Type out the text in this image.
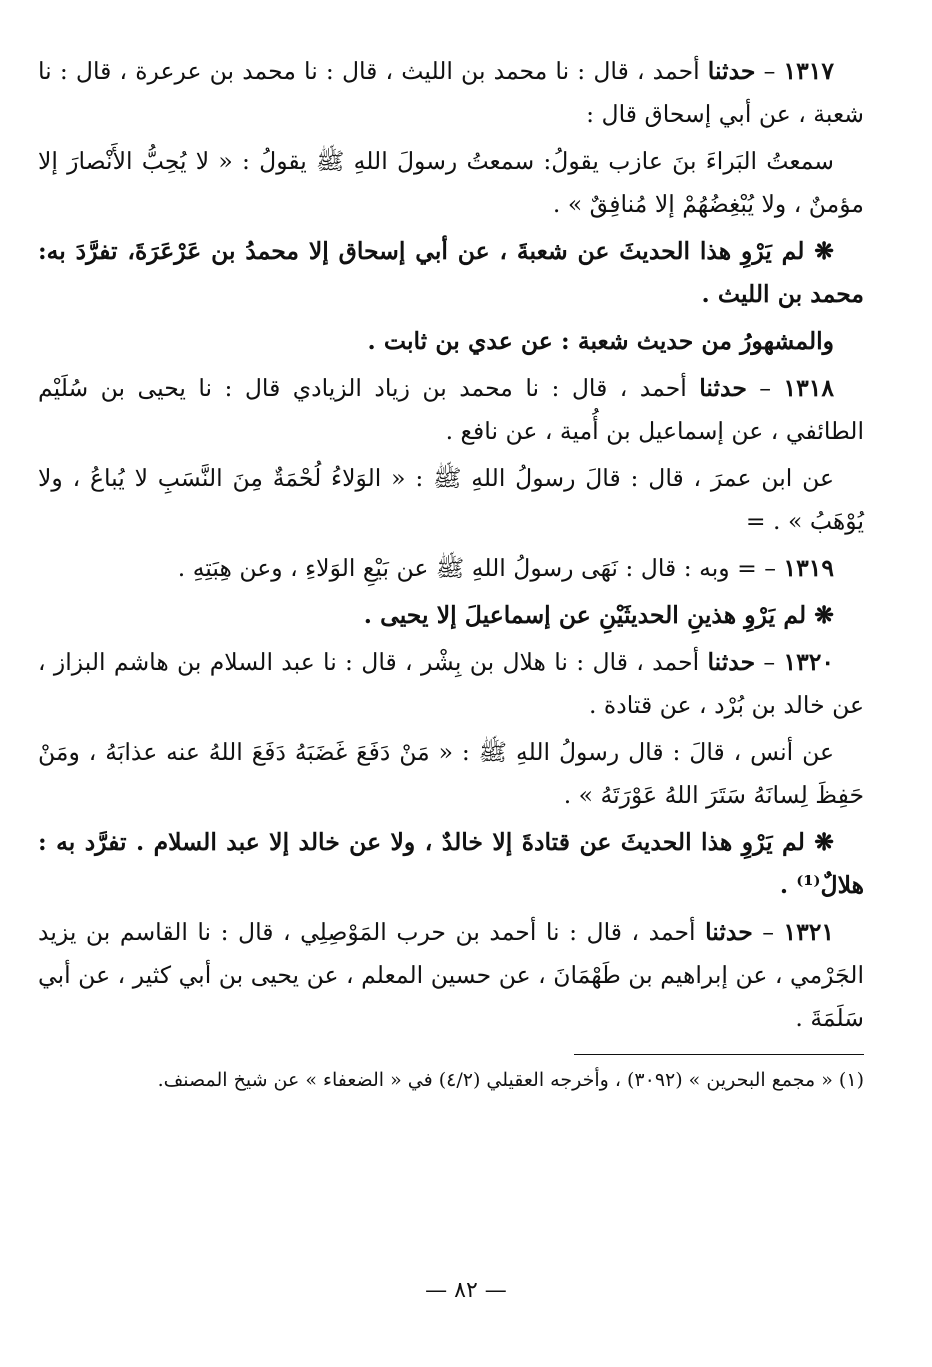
١٣١٧ – حدثنا أحمد ، قال : نا محمد بن الليث ، قال : نا محمد بن عرعرة ، قال : نا شعبة ، عن أبي إسحاق قال :

سمعتُ البَراءَ بنَ عازب يقولُ: سمعتُ رسولَ اللهِ ﷺ يقولُ : « لا يُحِبُّ الأَنْصارَ إلا مؤمنٌ ، ولا يُبْغِضُهُمْ إلا مُنافِقٌ » .

❋ لم يَرْوِ هذا الحديثَ عن شعبةَ ، عن أبي إسحاق إلا محمدُ بن عَرْعَرَةَ، تفرَّدَ به: محمد بن الليث .

والمشهورُ من حديث شعبة : عن عدي بن ثابت .

١٣١٨ – حدثنا أحمد ، قال : نا محمد بن زياد الزيادي قال : نا يحيى بن سُلَيْم الطائفي ، عن إسماعيل بن أُمية ، عن نافع .

عن ابن عمرَ ، قال : قالَ رسولُ اللهِ ﷺ : « الوَلاءُ لُحْمَةٌ مِنَ النَّسَبِ لا يُباعُ ، ولا يُوْهَبُ » . =

١٣١٩ – = وبه : قال : نَهَى رسولُ اللهِ ﷺ عن بَيْعِ الوَلاءِ ، وعن هِبَتِهِ .

❋ لم يَرْوِ هذينِ الحديثَيْنِ عن إسماعيلَ إلا يحيى .

١٣٢٠ – حدثنا أحمد ، قال : نا هلال بن بِشْر ، قال : نا عبد السلام بن هاشم البزاز ، عن خالد بن بُرْد ، عن قتادة .

عن أنس ، قالَ : قال رسولُ اللهِ ﷺ : « مَنْ دَفَعَ غَضَبَهُ دَفَعَ اللهُ عنه عذابَهُ ، ومَنْ حَفِظَ لِسانَهُ سَتَرَ اللهُ عَوْرَتَهُ » .

❋ لم يَرْوِ هذا الحديثَ عن قتادةَ إلا خالدٌ ، ولا عن خالد إلا عبد السلام . تفرَّد به : هلالٌ⁽¹⁾ .

١٣٢١ – حدثنا أحمد ، قال : نا أحمد بن حرب المَوْصِلِي ، قال : نا القاسم بن يزيد الجَرْمي ، عن إبراهيم بن طَهْمَانَ ، عن حسين المعلم ، عن يحيى بن أبي كثير ، عن أبي سَلَمَةَ .

(١) « مجمع البحرين » (٣٠٩٢) ، وأخرجه العقيلي (٤/٢) في « الضعفاء » عن شيخ المصنف.

— ٨٢ —
